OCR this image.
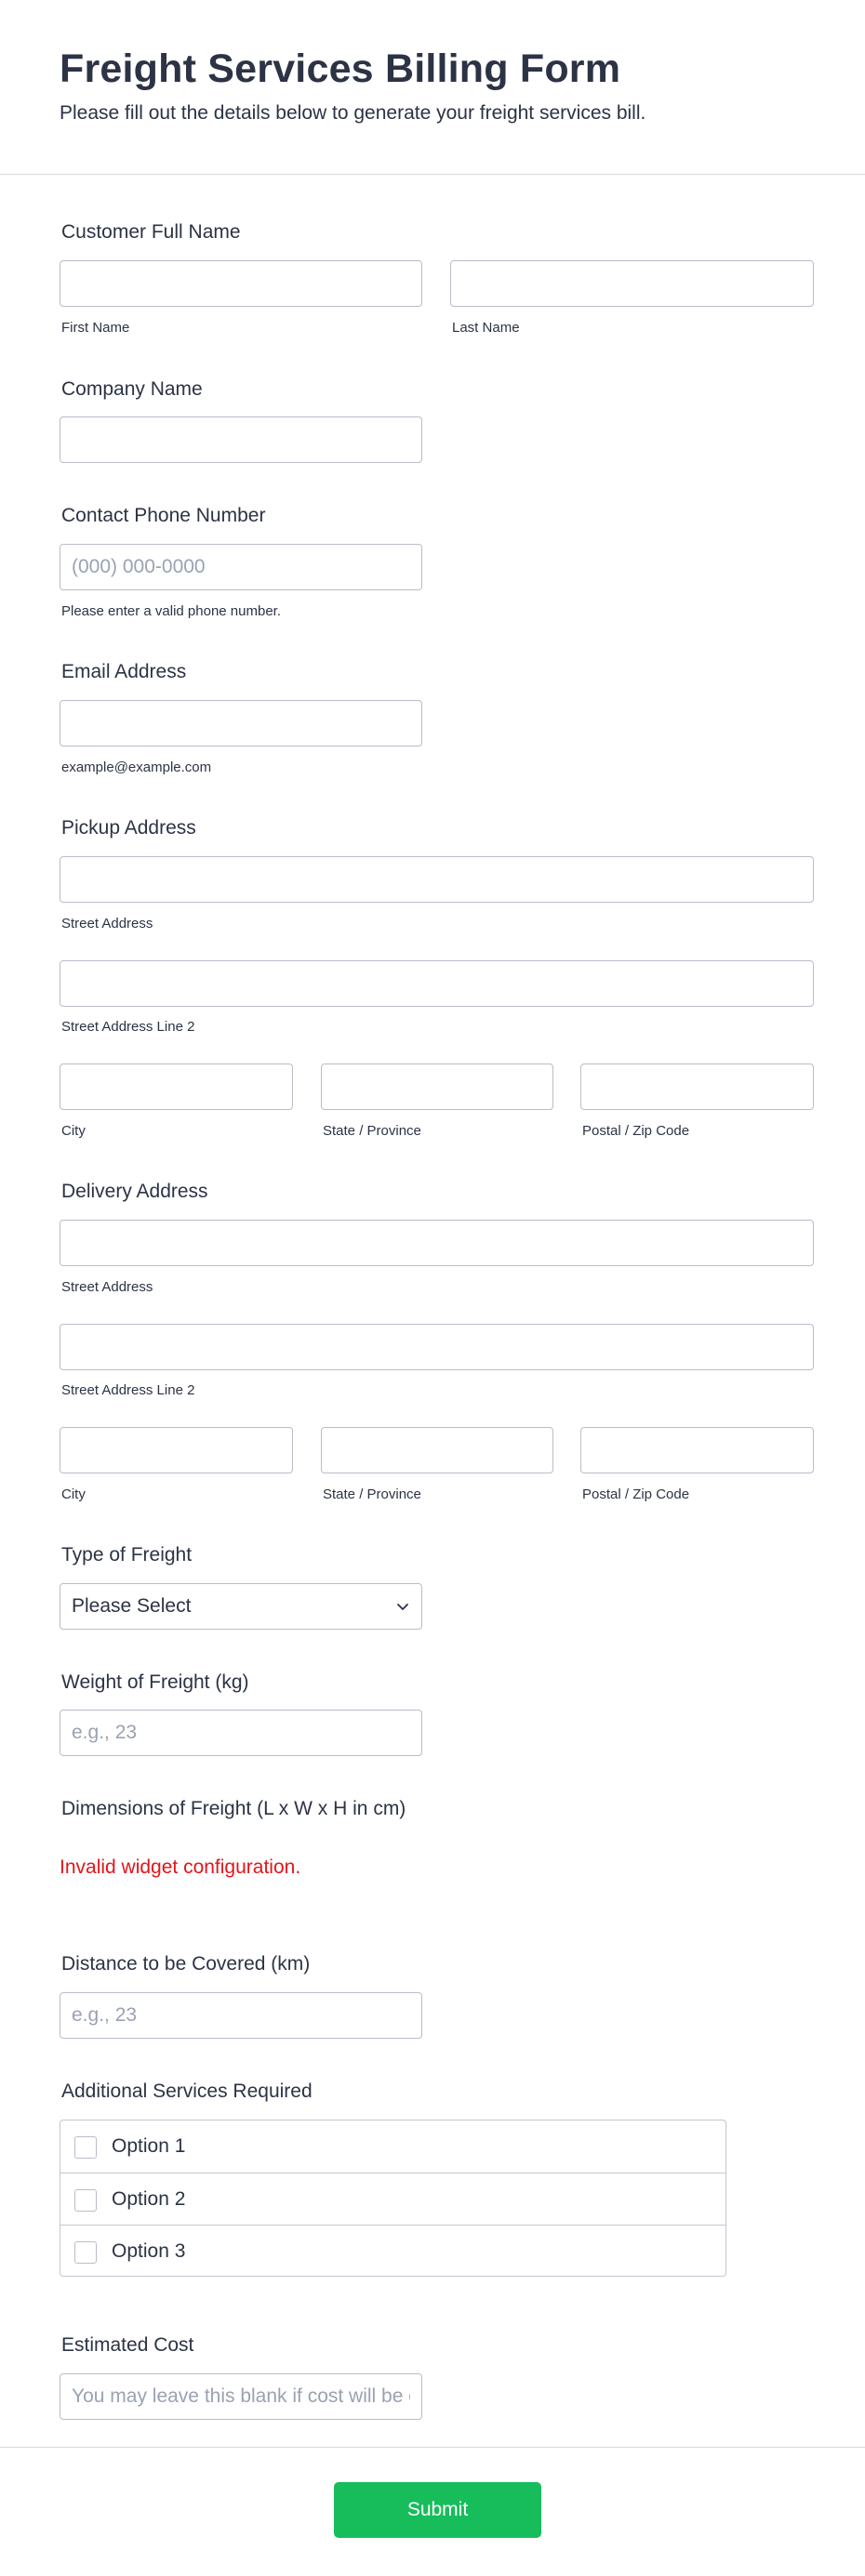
Freight Services Billing Form
Please fill out the details below to generate your freight services bill.
Customer Full Name
First Name	Last Name
Company Name
Contact Phone Number
(000) 000-0000
Please enter a valid phone number.
Email Address
example@example.com
Pickup Address
Street Address
Street Address Line 2
City	State / Province	Postal / Zip Code
Delivery Address
Street Address
Street Address Line 2
City	State / Province	Postal / Zip Code
Type of Freight
Please Select
Weight of Freight (kg)
e.g., 23
Dimensions of Freight (L x W x H in cm)
Invalid widget configuration.
Distance to be Covered (km)
e.g., 23
Additional Services Required
Option 1
Option 2
Option 3
Estimated Cost
You may leave this blank if cost will be calculated later
Submit
